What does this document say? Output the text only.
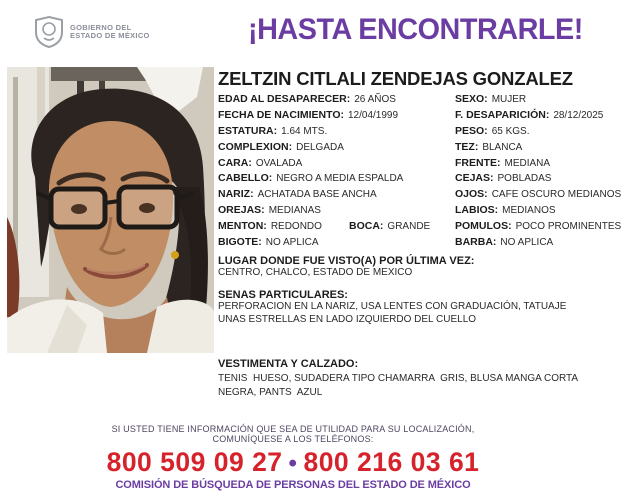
GOBIERNO DEL
ESTADO DE MÉXICO	¡HASTA ENCONTRARLE!
ZELTZIN CITLALI ZENDEJAS GONZALEZ
EDAD AL DESAPARECER: 26 AÑOS
FECHA DE NACIMIENTO: 12/04/1999
ESTATURA: 1.64 MTS.
COMPLEXION: DELGADA
CARA: OVALADA
CABELLO: NEGRO A MEDIA ESPALDA
NARIZ: ACHATADA BASE ANCHA
OREJAS: MEDIANAS
MENTON: REDONDO
BIGOTE: NO APLICA
SEXO: MUJER
F. DESAPARICIÓN: 28/12/2025
PESO: 65 KGS.
TEZ: BLANCA
FRENTE: MEDIANA
CEJAS: POBLADAS
OJOS: CAFE OSCURO MEDIANOS
LABIOS: MEDIANOS
POMULOS: POCO PROMINENTES
BARBA: NO APLICA
BOCA: GRANDE
LUGAR DONDE FUE VISTO(A) POR ÚLTIMA VEZ:
CENTRO, CHALCO, ESTADO DE MEXICO
SENAS PARTICULARES:
PERFORACION EN LA NARIZ, USA LENTES CON GRADUACIÓN, TATUAJE UNAS ESTRELLAS EN LADO IZQUIERDO DEL CUELLO
VESTIMENTA Y CALZADO:
TENIS  HUESO, SUDADERA TIPO CHAMARRA  GRIS, BLUSA MANGA CORTA  NEGRA, PANTS  AZUL
SI USTED TIENE INFORMACIÓN QUE SEA DE UTILIDAD PARA SU LOCALIZACIÓN,
COMUNÍQUESE A LOS TELÉFONOS:
800 509 09 27 • 800 216 03 61
COMISIÓN DE BÚSQUEDA DE PERSONAS DEL ESTADO DE MÉXICO
